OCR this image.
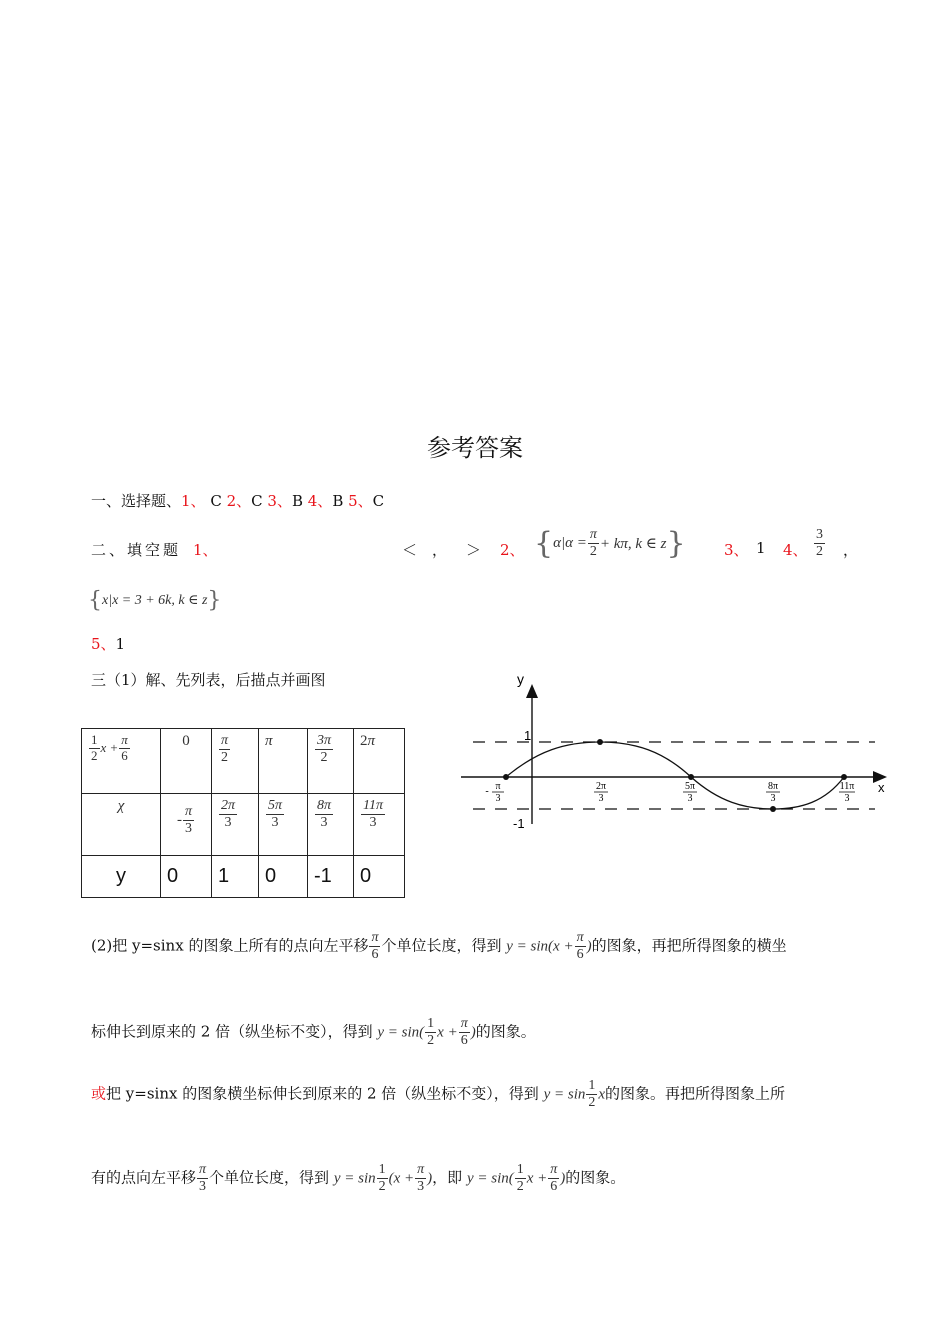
参考答案
一、选择题、1、 C 2、C 3、B 4、B 5、C
二、填空题 1、	＜ ， ＞ 2、 {$\alpha|\alpha = \frac{\pi}{2} + k\pi$, k ∈ z}	3、 1 4、 $\frac{3}{2}$ ，
{x|x = 3 + 6k, k ∈ z}
5、1
三（1）解、先列表，后描点并画图
$\frac{1}{2}$ $x + \frac{\pi}{6}$	0	$\frac{\pi}{2}$	π	$\frac{3\pi}{2}$	2π
χ	- $\frac{\pi}{3}$	$\frac{2\pi}{3}$	$\frac{5\pi}{3}$	$\frac{8\pi}{3}$	$\frac{11\pi}{3}$

y	0	1	0	-1	0
y
x
1
-1
- π
3
2π
3
5π
3
8π
3
11π
3
(2)把 y=sinx 的图象上所有的点向左平移 $\frac{\pi}{6}$ 个单位长度，得到 $y = \sin(x + \frac{\pi}{6}$ )的图象，再把所得图象的横坐
标伸长到原来的 2 倍（纵坐标不变），得到 $y = \sin( \frac{1}{2}$ $x + \frac{\pi}{6}$ )的图象。
或把 y=sinx 的图象横坐标伸长到原来的 2 倍（纵坐标不变），得到 $y = \sin \frac{1}{2}$ x的图象。再把所得图象上所
有的点向左平移 $\frac{\pi}{3}$ 个单位长度，得到 $y = \sin \frac{1}{2} (x + \frac{\pi}{3}$ )，即 $y = \sin( \frac{1}{2}$ $x + \frac{\pi}{6}$ )的图象。
